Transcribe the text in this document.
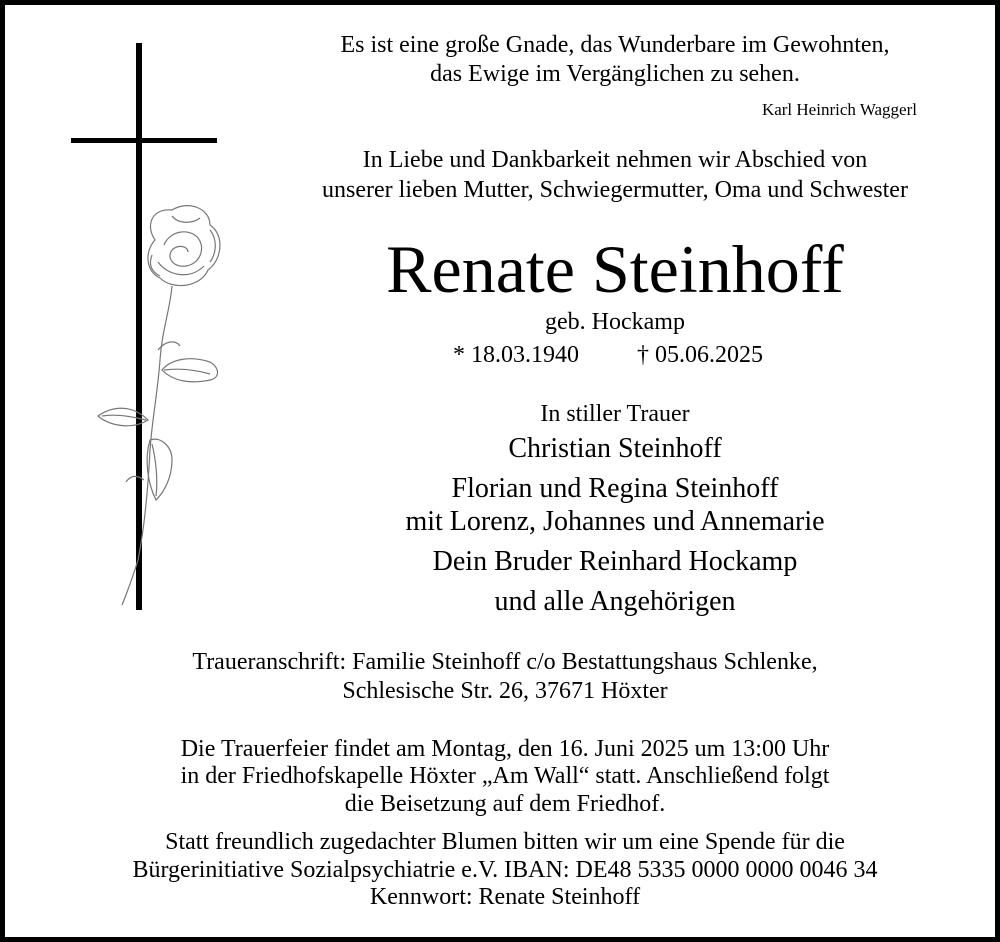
Es ist eine große Gnade, das Wunderbare im Gewohnten,
das Ewige im Vergänglichen zu sehen.
Karl Heinrich Waggerl
In Liebe und Dankbarkeit nehmen wir Abschied von
unserer lieben Mutter, Schwiegermutter, Oma und Schwester
Renate Steinhoff
geb. Hockamp
* 18.03.1940 † 05.06.2025
In stiller Trauer
Christian Steinhoff
Florian und Regina Steinhoff
mit Lorenz, Johannes und Annemarie
Dein Bruder Reinhard Hockamp
und alle Angehörigen
Traueranschrift: Familie Steinhoff c/o Bestattungshaus Schlenke,
Schlesische Str. 26, 37671 Höxter
Die Trauerfeier findet am Montag, den 16. Juni 2025 um 13:00 Uhr
in der Friedhofskapelle Höxter „Am Wall“ statt. Anschließend folgt
die Beisetzung auf dem Friedhof.
Statt freundlich zugedachter Blumen bitten wir um eine Spende für die
Bürgerinitiative Sozialpsychiatrie e.V. IBAN: DE48 5335 0000 0000 0046 34
Kennwort: Renate Steinhoff
